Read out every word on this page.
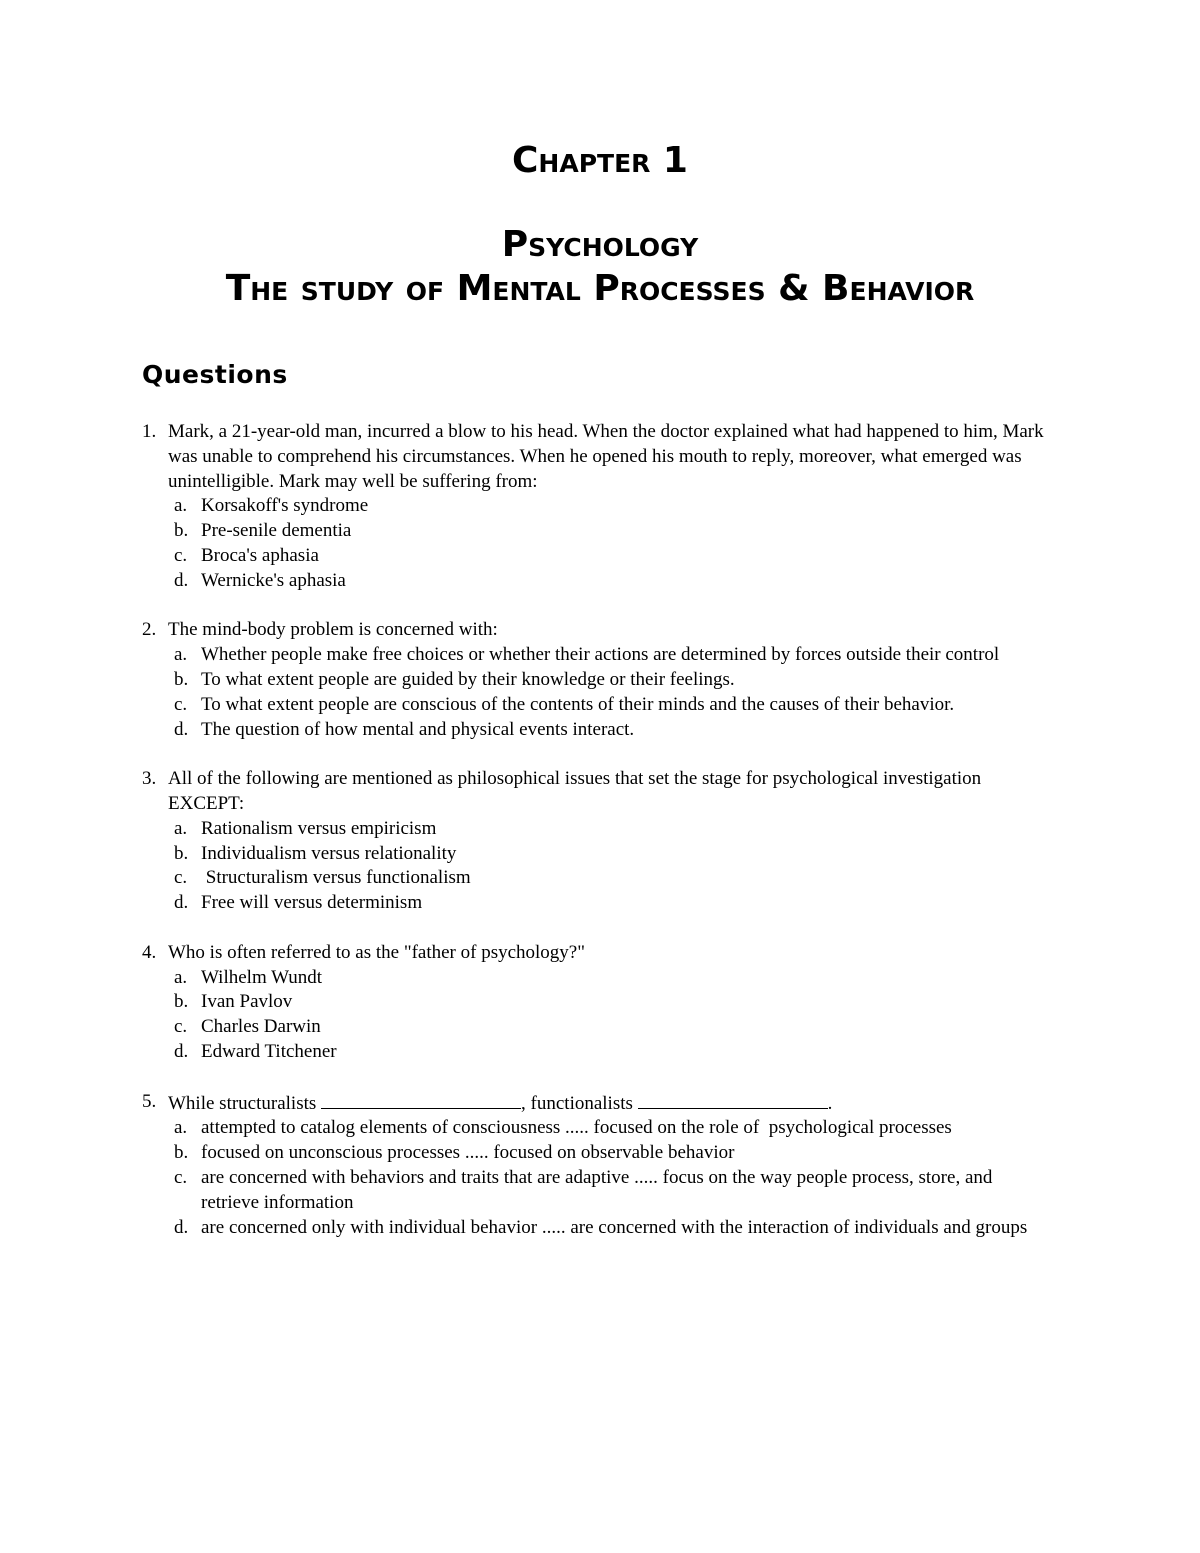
Chapter 1
Psychology
The study of Mental Processes & Behavior
Questions
1. Mark, a 21-year-old man, incurred a blow to his head. When the doctor explained what had happened to him, Mark was unable to comprehend his circumstances. When he opened his mouth to reply, moreover, what emerged was unintelligible. Mark may well be suffering from:
a. Korsakoff's syndrome
b. Pre-senile dementia
c. Broca's aphasia
d. Wernicke's aphasia
2. The mind-body problem is concerned with:
a. Whether people make free choices or whether their actions are determined by forces outside their control
b. To what extent people are guided by their knowledge or their feelings.
c. To what extent people are conscious of the contents of their minds and the causes of their behavior.
d. The question of how mental and physical events interact.
3. All of the following are mentioned as philosophical issues that set the stage for psychological investigation EXCEPT:
a. Rationalism versus empiricism
b. Individualism versus relationality
c. Structuralism versus functionalism
d. Free will versus determinism
4. Who is often referred to as the "father of psychology?"
a. Wilhelm Wundt
b. Ivan Pavlov
c. Charles Darwin
d. Edward Titchener
5. While structuralists	, functionalists	.
a. attempted to catalog elements of consciousness ..... focused on the role of  psychological processes
b. focused on unconscious processes ..... focused on observable behavior
c. are concerned with behaviors and traits that are adaptive ..... focus on the way people process, store, and retrieve information
d. are concerned only with individual behavior ..... are concerned with the interaction of individuals and groups
